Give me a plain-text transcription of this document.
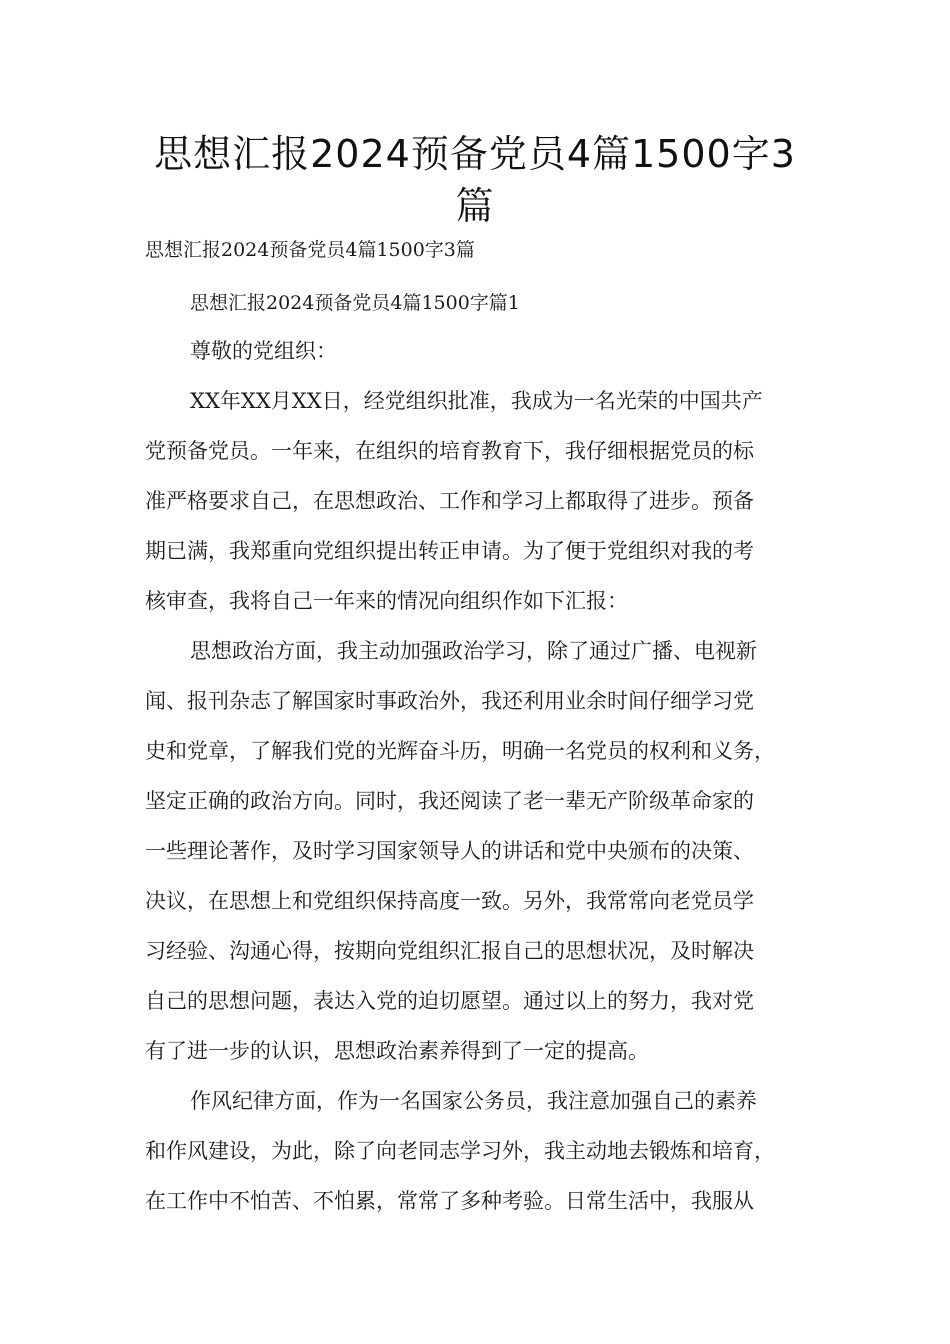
思想汇报2024预备党员4篇1500字3
篇

思想汇报2024预备党员4篇1500字3篇

思想汇报2024预备党员4篇1500字篇1

尊敬的党组织：

XX年XX月XX日，经党组织批准，我成为一名光荣的中国共产

党预备党员。一年来，在组织的培育教育下，我仔细根据党员的标

准严格要求自己，在思想政治、工作和学习上都取得了进步。预备

期已满，我郑重向党组织提出转正申请。为了便于党组织对我的考

核审查，我将自己一年来的情况向组织作如下汇报：

思想政治方面，我主动加强政治学习，除了通过广播、电视新

闻、报刊杂志了解国家时事政治外，我还利用业余时间仔细学习党

史和党章，了解我们党的光辉奋斗历，明确一名党员的权利和义务，

坚定正确的政治方向。同时，我还阅读了老一辈无产阶级革命家的

一些理论著作，及时学习国家领导人的讲话和党中央颁布的决策、

决议，在思想上和党组织保持高度一致。另外，我常常向老党员学

习经验、沟通心得，按期向党组织汇报自己的思想状况，及时解决

自己的思想问题，表达入党的迫切愿望。通过以上的努力，我对党

有了进一步的认识，思想政治素养得到了一定的提高。

作风纪律方面，作为一名国家公务员，我注意加强自己的素养

和作风建设，为此，除了向老同志学习外，我主动地去锻炼和培育，

在工作中不怕苦、不怕累，常常了多种考验。日常生活中，我服从
